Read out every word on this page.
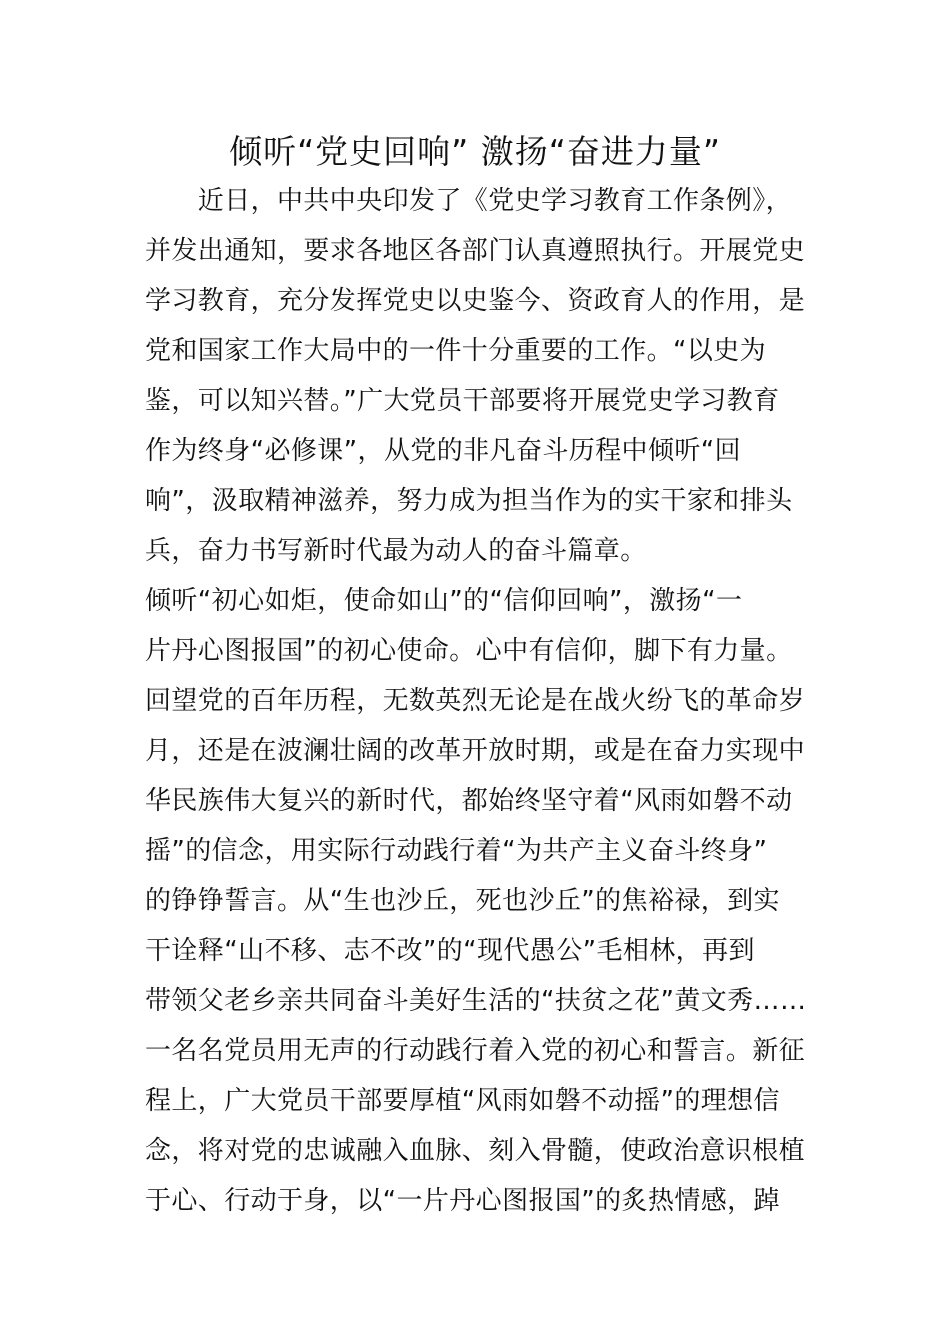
倾听“党史回响” 激扬“奋进力量”
　　近日，中共中央印发了《党史学习教育工作条例》，
并发出通知，要求各地区各部门认真遵照执行。开展党史
学习教育，充分发挥党史以史鉴今、资政育人的作用，是
党和国家工作大局中的一件十分重要的工作。“以史为
鉴，可以知兴替。”广大党员干部要将开展党史学习教育
作为终身“必修课”，从党的非凡奋斗历程中倾听“回
响”，汲取精神滋养，努力成为担当作为的实干家和排头
兵，奋力书写新时代最为动人的奋斗篇章。
倾听“初心如炬，使命如山”的“信仰回响”，激扬“一
片丹心图报国”的初心使命。心中有信仰，脚下有力量。
回望党的百年历程，无数英烈无论是在战火纷飞的革命岁
月，还是在波澜壮阔的改革开放时期，或是在奋力实现中
华民族伟大复兴的新时代，都始终坚守着“风雨如磐不动
摇”的信念，用实际行动践行着“为共产主义奋斗终身”
的铮铮誓言。从“生也沙丘，死也沙丘”的焦裕禄，到实
干诠释“山不移、志不改”的“现代愚公”毛相林，再到
带领父老乡亲共同奋斗美好生活的“扶贫之花”黄文秀……
一名名党员用无声的行动践行着入党的初心和誓言。新征
程上，广大党员干部要厚植“风雨如磐不动摇”的理想信
念，将对党的忠诚融入血脉、刻入骨髓，使政治意识根植
于心、行动于身，以“一片丹心图报国”的炙热情感，踔
